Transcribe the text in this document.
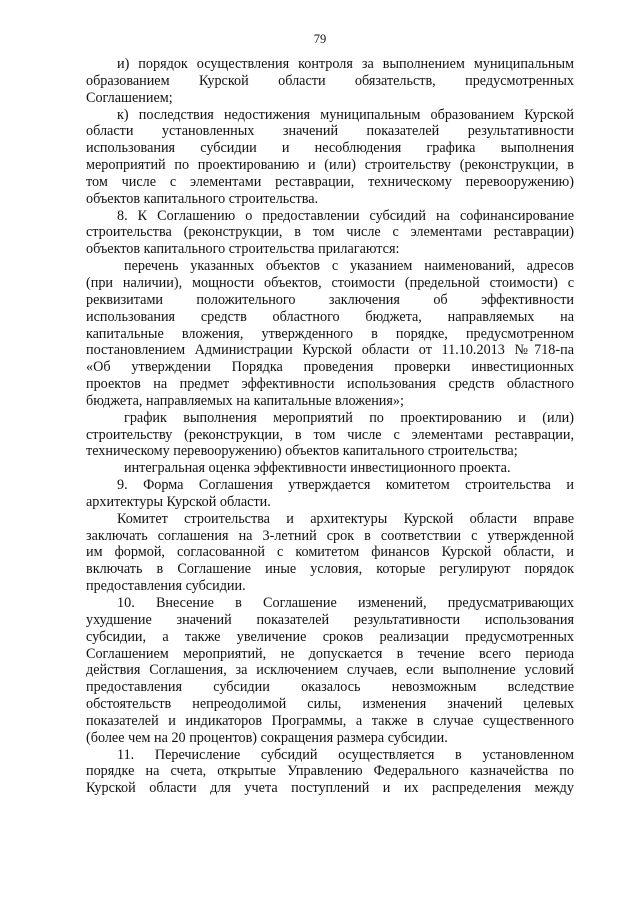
79
и) порядок осуществления контроля за выполнением муниципальным
образованием Курской области обязательств, предусмотренных
Соглашением;
к) последствия недостижения муниципальным образованием Курской
области установленных значений показателей результативности
использования субсидии и несоблюдения графика выполнения
мероприятий по проектированию и (или) строительству (реконструкции, в
том числе с элементами реставрации, техническому перевооружению)
объектов капитального строительства.
8. К Соглашению о предоставлении субсидий на софинансирование
строительства (реконструкции, в том числе с элементами реставрации)
объектов капитального строительства прилагаются:
перечень указанных объектов с указанием наименований, адресов
(при наличии), мощности объектов, стоимости (предельной стоимости) с
реквизитами положительного заключения об эффективности
использования средств областного бюджета, направляемых на
капитальные вложения, утвержденного в порядке, предусмотренном
постановлением Администрации Курской области от 11.10.2013 №718-па
«Об утверждении Порядка проведения проверки инвестиционных
проектов на предмет эффективности использования средств областного
бюджета, направляемых на капитальные вложения»;
график выполнения мероприятий по проектированию и (или)
строительству (реконструкции, в том числе с элементами реставрации,
техническому перевооружению) объектов капитального строительства;
интегральная оценка эффективности инвестиционного проекта.
9. Форма Соглашения утверждается комитетом строительства и
архитектуры Курской области.
Комитет строительства и архитектуры Курской области вправе
заключать соглашения на 3-летний срок в соответствии с утвержденной
им формой, согласованной с комитетом финансов Курской области, и
включать в Соглашение иные условия, которые регулируют порядок
предоставления субсидии.
10. Внесение в Соглашение изменений, предусматривающих
ухудшение значений показателей результативности использования
субсидии, а также увеличение сроков реализации предусмотренных
Соглашением мероприятий, не допускается в течение всего периода
действия Соглашения, за исключением случаев, если выполнение условий
предоставления субсидии оказалось невозможным вследствие
обстоятельств непреодолимой силы, изменения значений целевых
показателей и индикаторов Программы, а также в случае существенного
(более чем на 20 процентов) сокращения размера субсидии.
11. Перечисление субсидий осуществляется в установленном
порядке на счета, открытые Управлению Федерального казначейства по
Курской области для учета поступлений и их распределения между
